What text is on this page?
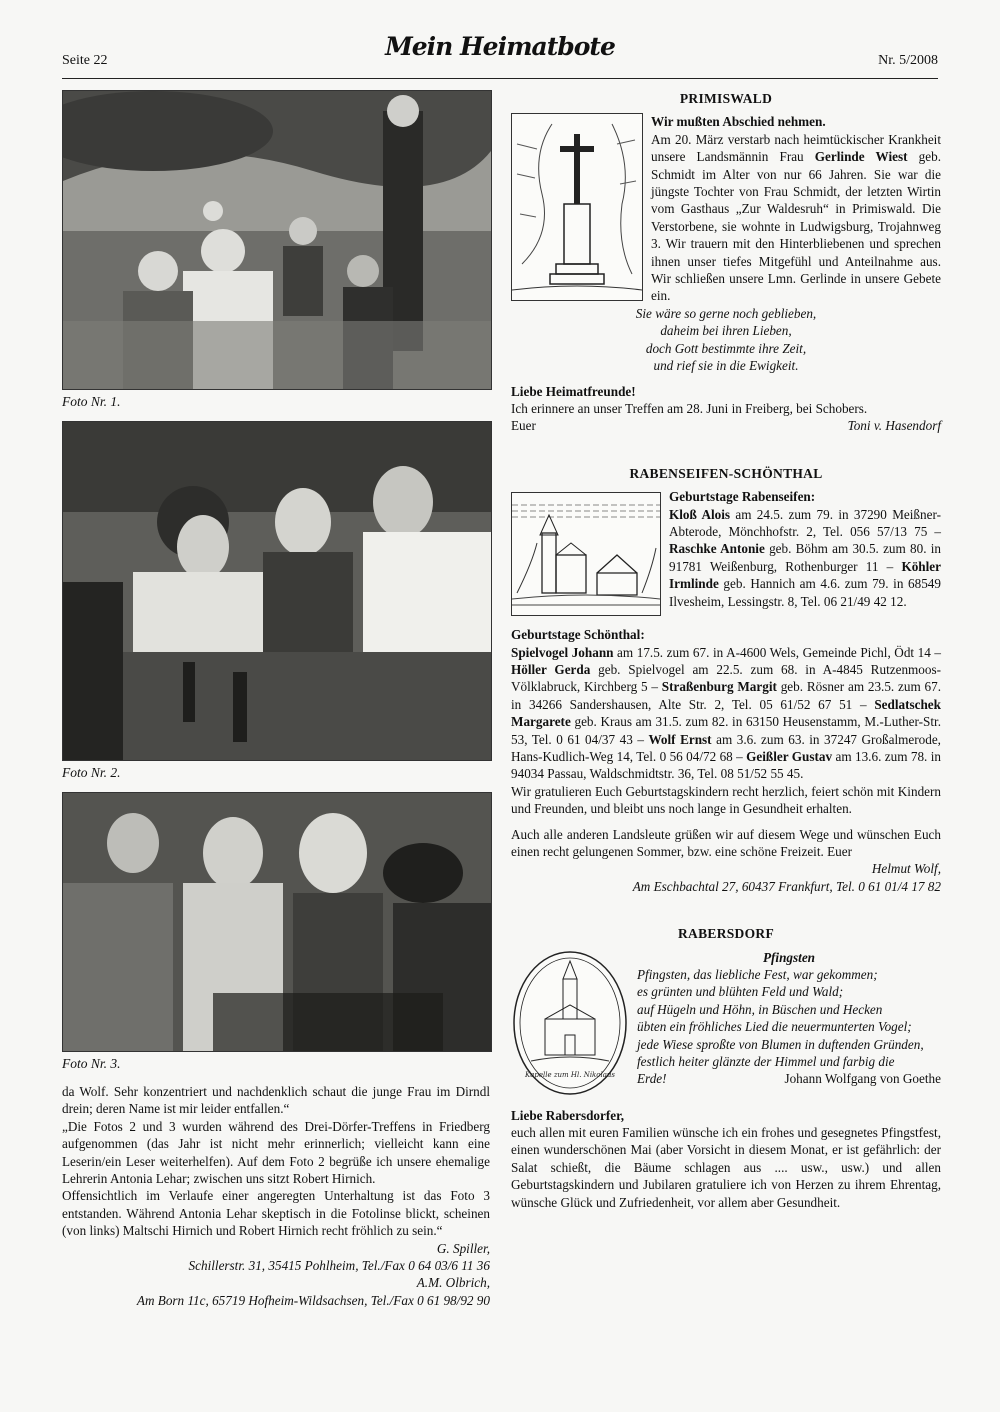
Seite 22	Mein Heimatbote	Nr. 5/2008
Foto Nr. 1.
Foto Nr. 2.
Foto Nr. 3.

da Wolf. Sehr konzentriert und nachdenklich schaut die junge Frau im Dirndl drein; deren Name ist mir leider entfallen.“

„Die Fotos 2 und 3 wurden während des Drei-Dörfer-Treffens in Friedberg aufgenommen (das Jahr ist nicht mehr erinnerlich; vielleicht kann eine Leserin/ein Leser weiterhelfen). Auf dem Foto 2 begrüße ich unsere ehemalige Lehrerin Antonia Lehar; zwischen uns sitzt Robert Hirnich.

Offensichtlich im Verlaufe einer angeregten Unterhaltung ist das Foto 3 entstanden. Während Antonia Lehar skeptisch in die Fotolinse blickt, scheinen (von links) Maltschi Hirnich und Robert Hirnich recht fröhlich zu sein.“

G. Spiller,
Schillerstr. 31, 35415 Pohlheim, Tel./Fax 0 64 03/6 11 36
A.M. Olbrich,
Am Born 11c, 65719 Hofheim-Wildsachsen, Tel./Fax 0 61 98/92 90
PRIMISWALD
Wir mußten Abschied nehmen.

Am 20. März verstarb nach heimtückischer Krankheit unsere Landsmännin Frau Gerlinde Wiest geb. Schmidt im Alter von nur 66 Jahren. Sie war die jüngste Tochter von Frau Schmidt, der letzten Wirtin vom Gasthaus „Zur Waldesruh“ in Primiswald. Die Verstorbene, sie wohnte in Ludwigsburg, Trojahnweg 3. Wir trauern mit den Hinterbliebenen und sprechen ihnen unser tiefes Mitgefühl und Anteilnahme aus. Wir schließen unsere Lmn. Gerlinde in unsere Gebete ein.

Sie wäre so gerne noch geblieben,
daheim bei ihren Lieben,
doch Gott bestimmte ihre Zeit,
und rief sie in die Ewigkeit.
Liebe Heimatfreunde!
Ich erinnere an unser Treffen am 28. Juni in Freiberg, bei Schobers.
Euer	Toni v. Hasendorf
RABENSEIFEN-SCHÖNTHAL
Geburtstage Rabenseifen:

Kloß Alois am 24.5. zum 79. in 37290 Meißner-Abterode, Mönchhofstr. 2, Tel. 056 57/13 75 – Raschke Antonie geb. Böhm am 30.5. zum 80. in 91781 Weißenburg, Rothenburger 11 – Köhler Irmlinde geb. Hannich am 4.6. zum 79. in 68549 Ilvesheim, Lessingstr. 8, Tel. 06 21/49 42 12.

Geburtstage Schönthal:

Spielvogel Johann am 17.5. zum 67. in A-4600 Wels, Gemeinde Pichl, Ödt 14 – Höller Gerda geb. Spielvogel am 22.5. zum 68. in A-4845 Rutzenmoos-Völklabruck, Kirchberg 5 – Straßenburg Margit geb. Rösner am 23.5. zum 67. in 34266 Sandershausen, Alte Str. 2, Tel. 05 61/52 67 51 – Sedlatschek Margarete geb. Kraus am 31.5. zum 82. in 63150 Heusenstamm, M.-Luther-Str. 53, Tel. 0 61 04/37 43 – Wolf Ernst am 3.6. zum 63. in 37247 Großalmerode, Hans-Kudlich-Weg 14, Tel. 0 56 04/72 68 – Geißler Gustav am 13.6. zum 78. in 94034 Passau, Waldschmidtstr. 36, Tel. 08 51/52 55 45.

Wir gratulieren Euch Geburtstagskindern recht herzlich, feiert schön mit Kindern und Freunden, und bleibt uns noch lange in Gesundheit erhalten.

Auch alle anderen Landsleute grüßen wir auf diesem Wege und wünschen Euch einen recht gelungenen Sommer, bzw. eine schöne Freizeit. Euer

Helmut Wolf,
Am Eschbachtal 27, 60437 Frankfurt, Tel. 0 61 01/4 17 82
RABERSDORF
Kapelle zum Hl. Nikolaus
Pfingsten
Pfingsten, das liebliche Fest, war gekommen;
es grünten und blühten Feld und Wald;
auf Hügeln und Höhn, in Büschen und Hecken
übten ein fröhliches Lied die neuermunterten Vogel;
jede Wiese sproßte von Blumen in duftenden Gründen,
festlich heiter glänzte der Himmel und farbig die
Erde!	Johann Wolfgang von Goethe
Liebe Rabersdorfer,

euch allen mit euren Familien wünsche ich ein frohes und gesegnetes Pfingstfest, einen wunderschönen Mai (aber Vorsicht in diesem Monat, er ist gefährlich: der Salat schießt, die Bäume schlagen aus .... usw., usw.) und allen Geburtstagskindern und Jubilaren gratuliere ich von Herzen zu ihrem Ehrentag, wünsche Glück und Zufriedenheit, vor allem aber Gesundheit.
